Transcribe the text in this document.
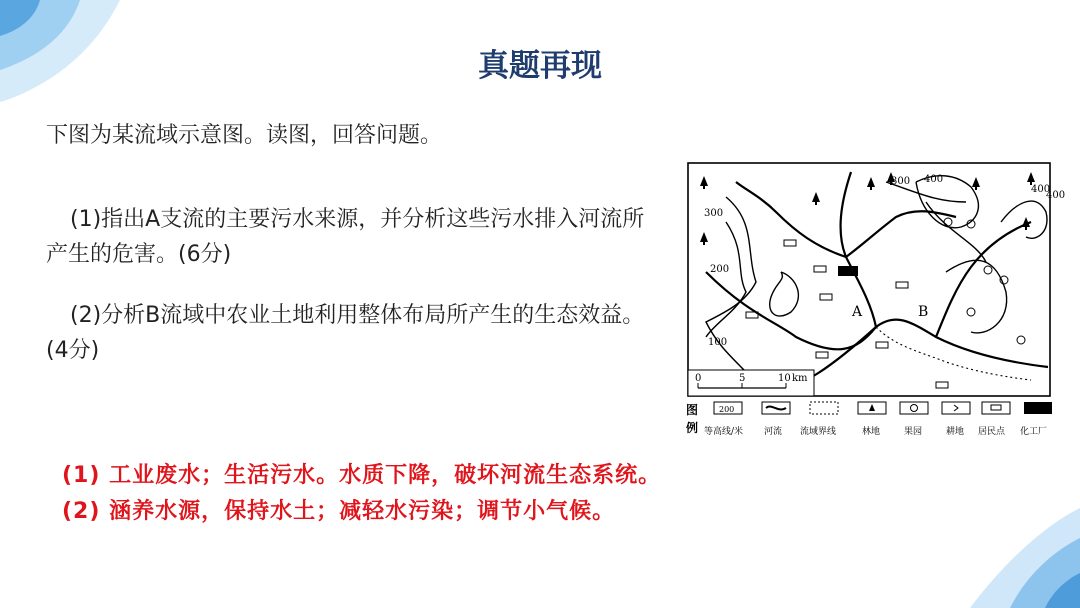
真题再现
下图为某流域示意图。读图，回答问题。
(1)指出A支流的主要污水来源，并分析这些污水排入河流所产生的危害。(6分)
(2)分析B流域中农业土地利用整体布局所产生的生态效益。(4分)
400
300
400
400
300
200
100
A	B
0	5	10 km
图
例
200
等高线/米 河流 流域界线	林地	果园	耕地 居民点 化工厂
(1) 工业废水；生活污水。水质下降，破坏河流生态系统。
(2) 涵养水源，保持水土；减轻水污染；调节小气候。
